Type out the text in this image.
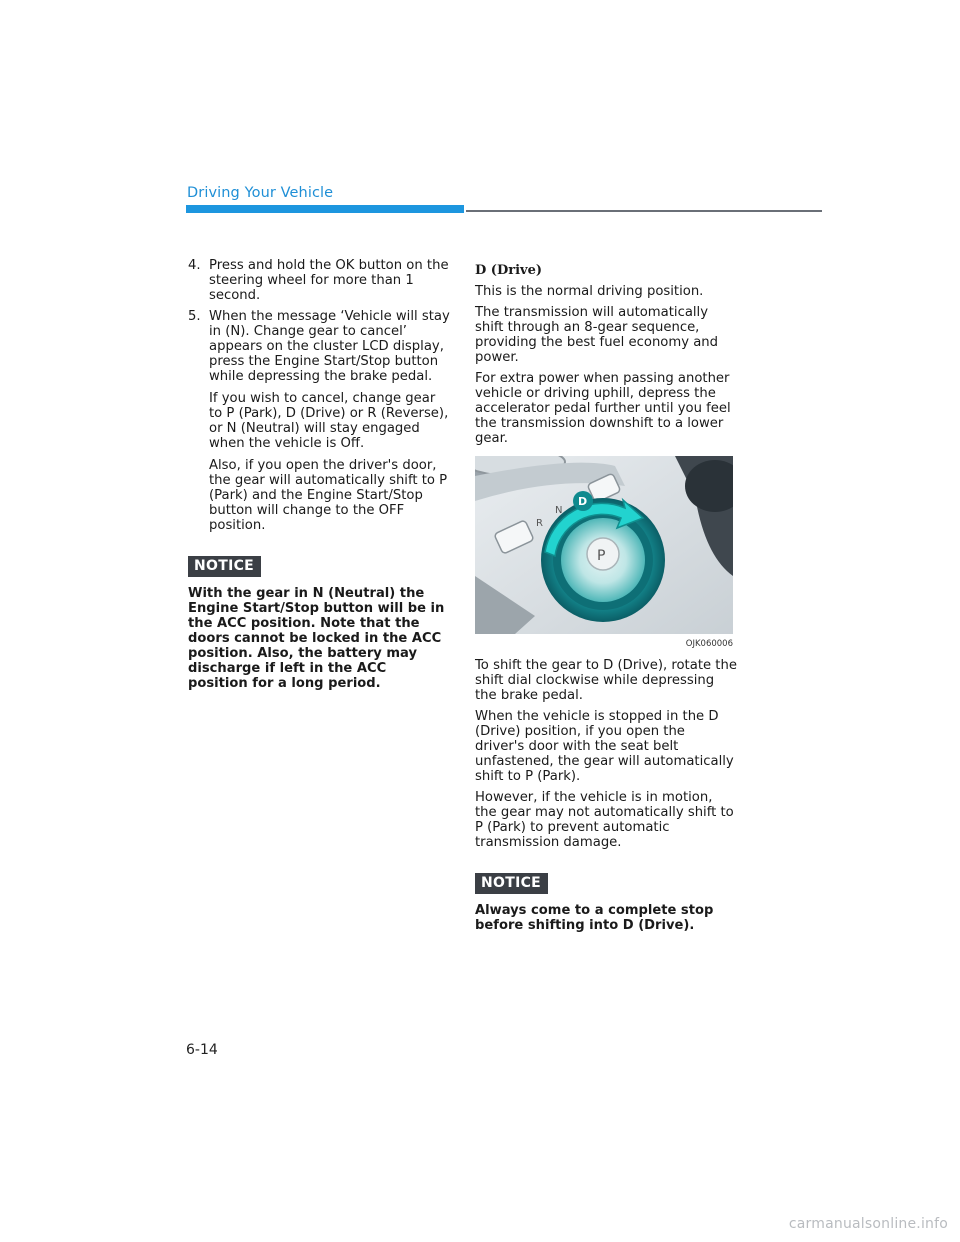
Driving Your Vehicle
4. Press and hold the OK button on the steering wheel for more than 1 second.
5. When the message ‘Vehicle will stay in (N). Change gear to cancel’ appears on the cluster LCD display, press the Engine Start/Stop button while depressing the brake pedal.
If you wish to cancel, change gear to P (Park), D (Drive) or R (Reverse), or N (Neutral) will stay engaged when the vehicle is Off.
Also, if you open the driver's door, the gear will automatically shift to P (Park) and the Engine Start/Stop button will change to the OFF position.
NOTICE
With the gear in N (Neutral) the Engine Start/Stop button will be in the ACC position. Note that the doors cannot be locked in the ACC position. Also, the battery may discharge if left in the ACC position for a long period.
D (Drive)

This is the normal driving position.

The transmission will automatically shift through an 8-gear sequence, providing the best fuel economy and power.

For extra power when passing another vehicle or driving uphill, depress the accelerator pedal further until you feel the transmission downshift to a lower gear.

R
N
D
P
OJK060006

To shift the gear to D (Drive), rotate the shift dial clockwise while depressing the brake pedal.

When the vehicle is stopped in the D (Drive) position, if you open the driver's door with the seat belt unfastened, the gear will automatically shift to P (Park).

However, if the vehicle is in motion, the gear may not automatically shift to P (Park) to prevent automatic transmission damage.

NOTICE
Always come to a complete stop before shifting into D (Drive).
6-14
carmanualsonline.info
